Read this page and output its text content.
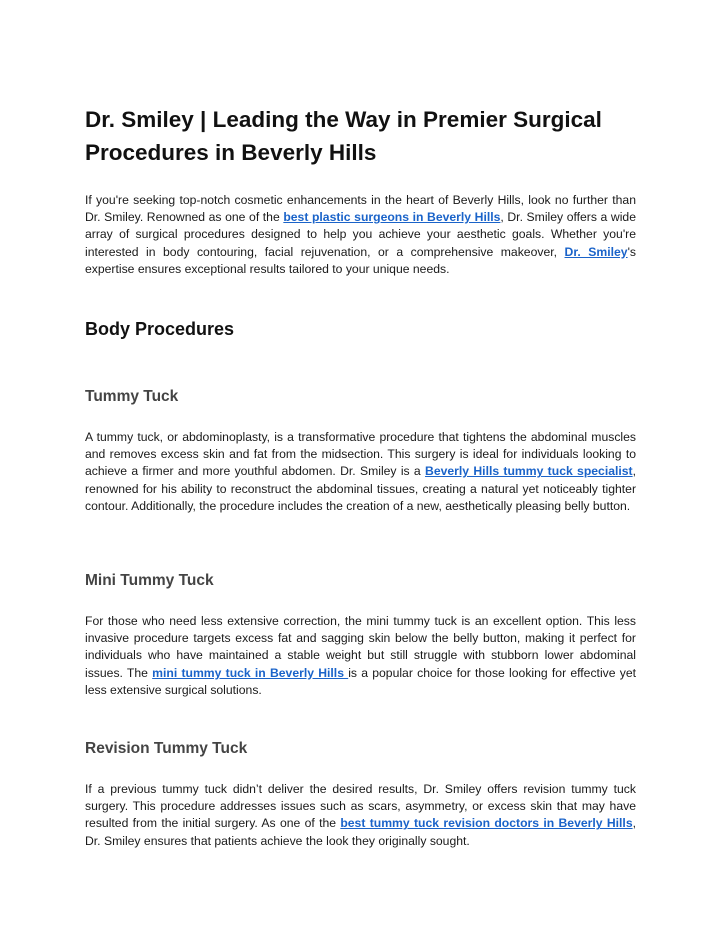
Dr. Smiley | Leading the Way in Premier Surgical Procedures in Beverly Hills

If you're seeking top-notch cosmetic enhancements in the heart of Beverly Hills, look no further than Dr. Smiley. Renowned as one of the best plastic surgeons in Beverly Hills, Dr. Smiley offers a wide array of surgical procedures designed to help you achieve your aesthetic goals. Whether you're interested in body contouring, facial rejuvenation, or a comprehensive makeover, Dr. Smiley's expertise ensures exceptional results tailored to your unique needs.

Body Procedures
Tummy Tuck

A tummy tuck, or abdominoplasty, is a transformative procedure that tightens the abdominal muscles and removes excess skin and fat from the midsection. This surgery is ideal for individuals looking to achieve a firmer and more youthful abdomen. Dr. Smiley is a Beverly Hills tummy tuck specialist, renowned for his ability to reconstruct the abdominal tissues, creating a natural yet noticeably tighter contour. Additionally, the procedure includes the creation of a new, aesthetically pleasing belly button.

Mini Tummy Tuck

For those who need less extensive correction, the mini tummy tuck is an excellent option. This less invasive procedure targets excess fat and sagging skin below the belly button, making it perfect for individuals who have maintained a stable weight but still struggle with stubborn lower abdominal issues. The mini tummy tuck in Beverly Hills is a popular choice for those looking for effective yet less extensive surgical solutions.

Revision Tummy Tuck

If a previous tummy tuck didn’t deliver the desired results, Dr. Smiley offers revision tummy tuck surgery. This procedure addresses issues such as scars, asymmetry, or excess skin that may have resulted from the initial surgery. As one of the best tummy tuck revision doctors in Beverly Hills, Dr. Smiley ensures that patients achieve the look they originally sought.
